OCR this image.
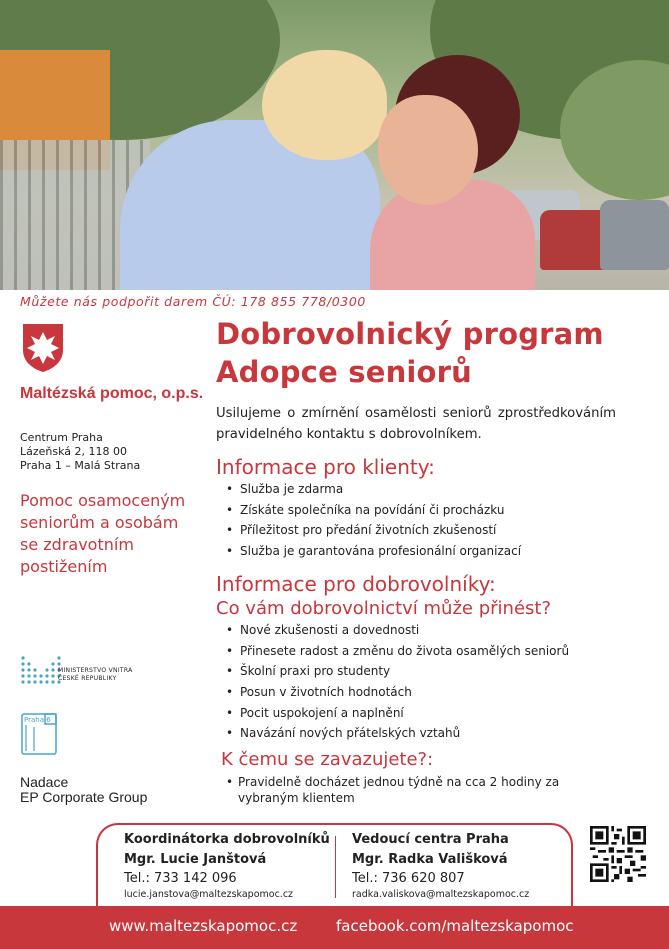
Můžete nás podpořit darem ČÚ: 178 855 778/0300
Maltézská pomoc, o.p.s.
Centrum Praha
Lázeňská 2, 118 00
Praha 1 – Malá Strana
Pomoc osamoceným seniorům a osobám se zdravotním postižením
MINISTERSTVO VNITRA
ČESKÉ REPUBLIKY
Praha 6
Nadace
EP Corporate Group
Dobrovolnický program
Adopce seniorů
Usilujeme o zmírnění osamělosti seniorů zprostředkováním pravidelného kontaktu s dobrovolníkem.
Informace pro klienty:
• Služba je zdarma
• Získáte společníka na povídání či procházku
• Příležitost pro předání životních zkušeností
• Služba je garantována profesionální organizací
Informace pro dobrovolníky:
Co vám dobrovolnictví může přinést?
• Nové zkušenosti a dovednosti
• Přinesete radost a změnu do života osamělých seniorů
• Školní praxi pro studenty
• Posun v životních hodnotách
• Pocit uspokojení a naplnění
• Navázání nových přátelských vztahů
K čemu se zavazujete?:
• Pravidelně docházet jednou týdně na cca 2 hodiny za vybraným klientem
Koordinátorka dobrovolníků
Mgr. Lucie Janštová
Tel.: 733 142 096
lucie.janstova@maltezskapomoc.cz
Vedoucí centra Praha
Mgr. Radka Vališková
Tel.: 736 620 807
radka.valiskova@maltezskapomoc.cz
www.maltezskapomoc.cz	facebook.com/maltezskapomoc
